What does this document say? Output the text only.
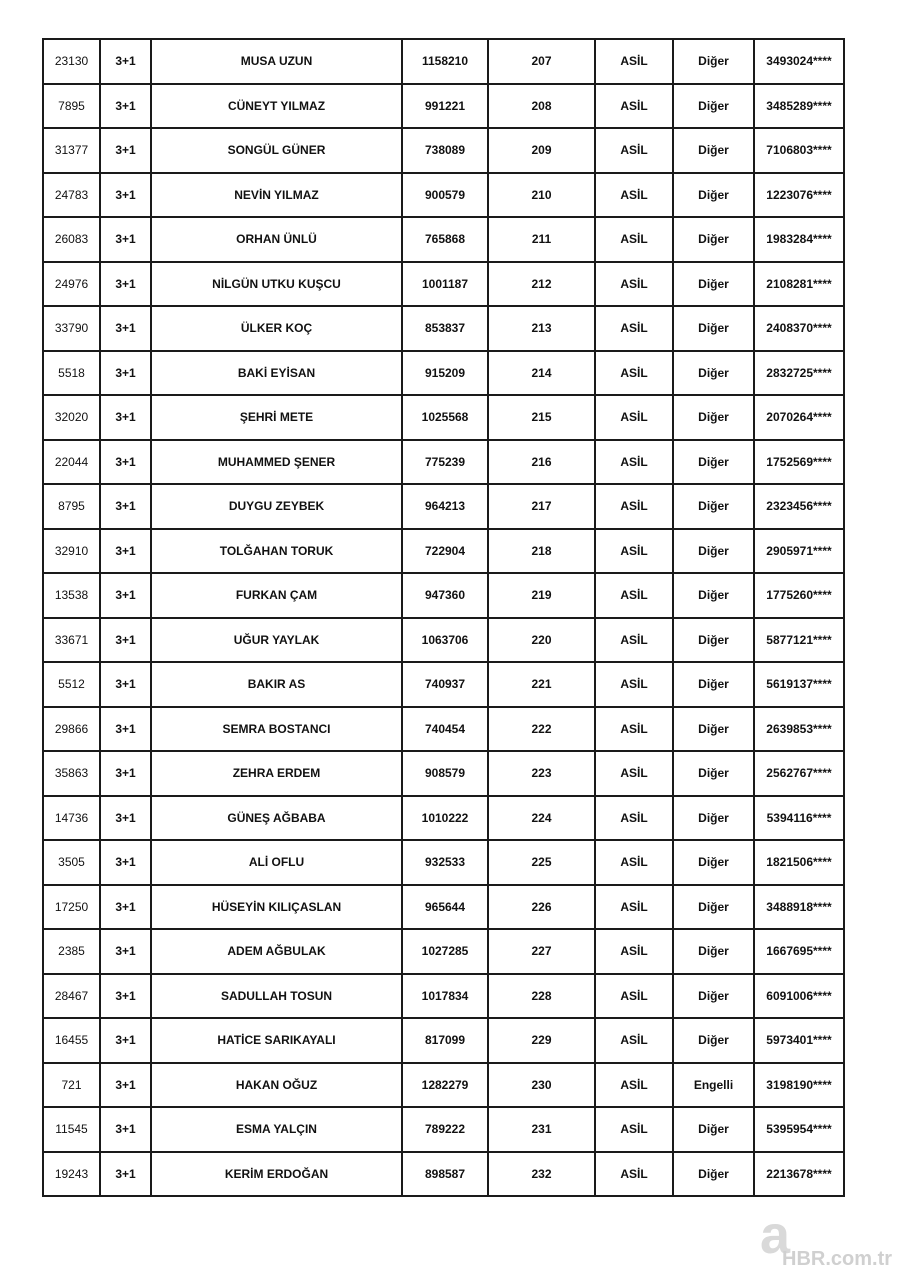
23130	3+1	MUSA UZUN	1158210	207	ASİL	Diğer	3493024****
7895	3+1	CÜNEYT YILMAZ	991221	208	ASİL	Diğer	3485289****
31377	3+1	SONGÜL GÜNER	738089	209	ASİL	Diğer	7106803****
24783	3+1	NEVİN YILMAZ	900579	210	ASİL	Diğer	1223076****
26083	3+1	ORHAN ÜNLÜ	765868	211	ASİL	Diğer	1983284****
24976	3+1	NİLGÜN UTKU KUŞCU	1001187	212	ASİL	Diğer	2108281****
33790	3+1	ÜLKER KOÇ	853837	213	ASİL	Diğer	2408370****
5518	3+1	BAKİ EYİSAN	915209	214	ASİL	Diğer	2832725****
32020	3+1	ŞEHRİ METE	1025568	215	ASİL	Diğer	2070264****
22044	3+1	MUHAMMED ŞENER	775239	216	ASİL	Diğer	1752569****
8795	3+1	DUYGU ZEYBEK	964213	217	ASİL	Diğer	2323456****
32910	3+1	TOLĞAHAN TORUK	722904	218	ASİL	Diğer	2905971****
13538	3+1	FURKAN ÇAM	947360	219	ASİL	Diğer	1775260****
33671	3+1	UĞUR YAYLAK	1063706	220	ASİL	Diğer	5877121****
5512	3+1	BAKIR AS	740937	221	ASİL	Diğer	5619137****
29866	3+1	SEMRA BOSTANCI	740454	222	ASİL	Diğer	2639853****
35863	3+1	ZEHRA ERDEM	908579	223	ASİL	Diğer	2562767****
14736	3+1	GÜNEŞ AĞBABA	1010222	224	ASİL	Diğer	5394116****
3505	3+1	ALİ OFLU	932533	225	ASİL	Diğer	1821506****
17250	3+1	HÜSEYİN KILIÇASLAN	965644	226	ASİL	Diğer	3488918****
2385	3+1	ADEM AĞBULAK	1027285	227	ASİL	Diğer	1667695****
28467	3+1	SADULLAH TOSUN	1017834	228	ASİL	Diğer	6091006****
16455	3+1	HATİCE SARIKAYALI	817099	229	ASİL	Diğer	5973401****
721	3+1	HAKAN OĞUZ	1282279	230	ASİL	Engelli	3198190****
11545	3+1	ESMA YALÇIN	789222	231	ASİL	Diğer	5395954****
19243	3+1	KERİM ERDOĞAN	898587	232	ASİL	Diğer	2213678****
a
HBR.com.tr
